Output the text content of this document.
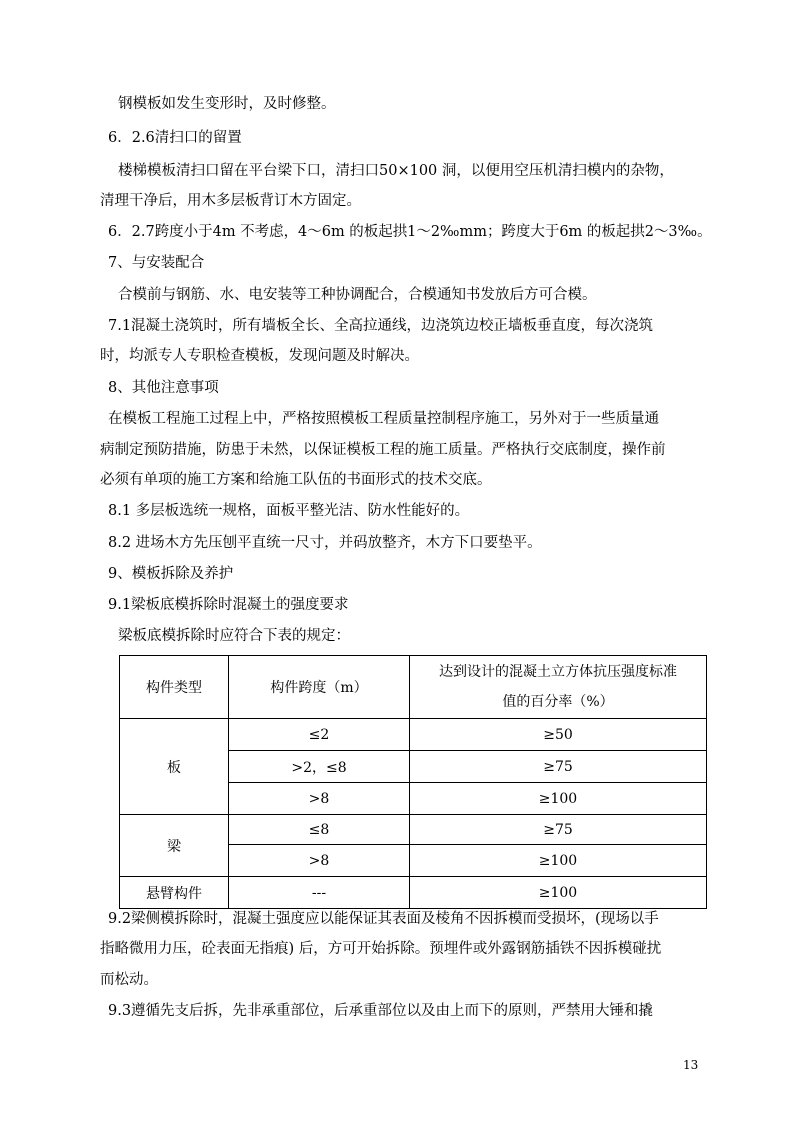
钢模板如发生变形时，及时修整。
6．2.6清扫口的留置
楼梯模板清扫口留在平台梁下口，清扫口50×100 洞，以便用空压机清扫模内的杂物，
清理干净后，用木多层板背订木方固定。
6．2.7跨度小于4m 不考虑，4～6m 的板起拱1～2‰mm；跨度大于6m 的板起拱2～3‰。
7、与安装配合
合模前与钢筋、水、电安装等工种协调配合，合模通知书发放后方可合模。
7.1混凝土浇筑时，所有墙板全长、全高拉通线，边浇筑边校正墙板垂直度，每次浇筑
时，均派专人专职检查模板，发现问题及时解决。
8、其他注意事项
在模板工程施工过程上中，严格按照模板工程质量控制程序施工，另外对于一些质量通
病制定预防措施，防患于未然，以保证模板工程的施工质量。严格执行交底制度，操作前
必须有单项的施工方案和给施工队伍的书面形式的技术交底。
8.1 多层板选统一规格，面板平整光洁、防水性能好的。
8.2 进场木方先压刨平直统一尺寸，并码放整齐，木方下口要垫平。
9、模板拆除及养护
9.1梁板底模拆除时混凝土的强度要求
梁板底模拆除时应符合下表的规定：
构件类型	构件跨度（m）	达到设计的混凝土立方体抗压强度标准
值的百分率（%）

板	≤2	≥50
	>2，≤8	≥75
	>8	≥100
梁	≤8	≥75
	>8	≥100
悬臂构件	---	≥100
9.2梁侧模拆除时，混凝土强度应以能保证其表面及棱角不因拆模而受损坏，(现场以手
指略微用力压，砼表面无指痕) 后，方可开始拆除。预埋件或外露钢筋插铁不因拆模碰扰
而松动。
9.3遵循先支后拆，先非承重部位，后承重部位以及由上而下的原则，严禁用大锤和撬
13
